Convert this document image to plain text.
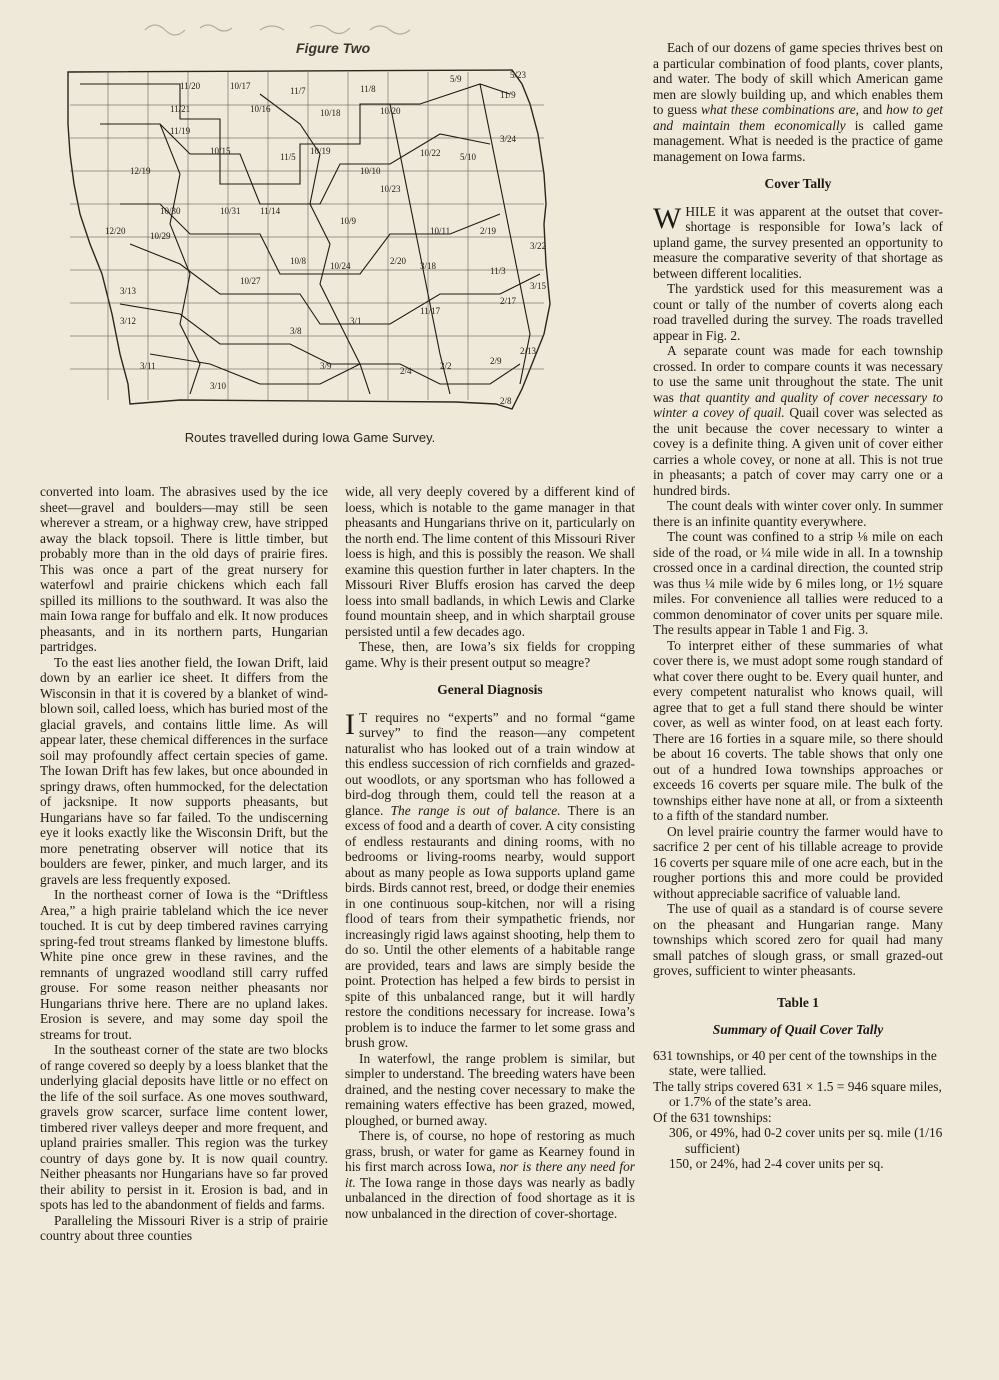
Figure Two
11/20	10/17	11/7	11/8
5/23
5/9
11/9
11/21	10/16	10/18	10/20
11/19
10/15
11/5
10/19	10/22 5/10
3/24
12/19	10/10
10/23
10/30	10/31 11/14
10/9
12/20	10/29	10/11	2/19
3/22
10/8	10/24	2/20 3/18	11/3
3/15
2/17
10/27
3/13
11/17
3/12	3/1
3/8
2/13
3/11	3/9	2/4	2/2	2/9
3/10
2/8
Routes travelled during Iowa Game Survey.

converted into loam. The abrasives used by the ice sheet—gravel and boulders—may still be seen wherever a stream, or a highway crew, have stripped away the black topsoil. There is little timber, but probably more than in the old days of prairie fires. This was once a part of the great nursery for waterfowl and prairie chickens which each fall spilled its millions to the southward. It was also the main Iowa range for buffalo and elk. It now produces pheasants, and in its northern parts, Hungarian partridges.

To the east lies another field, the Iowan Drift, laid down by an earlier ice sheet. It differs from the Wisconsin in that it is covered by a blanket of wind-blown soil, called loess, which has buried most of the glacial gravels, and contains little lime. As will appear later, these chemical differences in the surface soil may profoundly affect certain species of game. The Iowan Drift has few lakes, but once abounded in springy draws, often hummocked, for the delectation of jacksnipe. It now supports pheasants, but Hungarians have so far failed. To the undiscerning eye it looks exactly like the Wisconsin Drift, but the more penetrating observer will notice that its boulders are fewer, pinker, and much larger, and its gravels are less frequently exposed.

In the northeast corner of Iowa is the “Driftless Area,” a high prairie tableland which the ice never touched. It is cut by deep timbered ravines carrying spring-fed trout streams flanked by limestone bluffs. White pine once grew in these ravines, and the remnants of ungrazed woodland still carry ruffed grouse. For some reason neither pheasants nor Hungarians thrive here. There are no upland lakes. Erosion is severe, and may some day spoil the streams for trout.

In the southeast corner of the state are two blocks of range covered so deeply by a loess blanket that the underlying glacial deposits have little or no effect on the life of the soil surface. As one moves southward, gravels grow scarcer, surface lime content lower, timbered river valleys deeper and more frequent, and upland prairies smaller. This region was the turkey country of days gone by. It is now quail country. Neither pheasants nor Hungarians have so far proved their ability to persist in it. Erosion is bad, and in spots has led to the abandonment of fields and farms.

Paralleling the Missouri River is a strip of prairie country about three counties

wide, all very deeply covered by a different kind of loess, which is notable to the game manager in that pheasants and Hungarians thrive on it, particularly on the north end. The lime content of this Missouri River loess is high, and this is possibly the reason. We shall examine this question further in later chapters. In the Missouri River Bluffs erosion has carved the deep loess into small badlands, in which Lewis and Clarke found mountain sheep, and in which sharptail grouse persisted until a few decades ago.

These, then, are Iowa’s six fields for cropping game. Why is their present output so meagre?

General Diagnosis

I T requires no “experts” and no formal “game survey” to find the reason—any competent naturalist who has looked out of a train window at this endless succession of rich cornfields and grazed-out woodlots, or any sportsman who has followed a bird-dog through them, could tell the reason at a glance. The range is out of balance. There is an excess of food and a dearth of cover. A city consisting of endless restaurants and dining rooms, with no bedrooms or living-rooms nearby, would support about as many people as Iowa supports upland game birds. Birds cannot rest, breed, or dodge their enemies in one continuous soup-kitchen, nor will a rising flood of tears from their sympathetic friends, nor increasingly rigid laws against shooting, help them to do so. Until the other elements of a habitable range are provided, tears and laws are simply beside the point. Protection has helped a few birds to persist in spite of this unbalanced range, but it will hardly restore the conditions necessary for increase. Iowa’s problem is to induce the farmer to let some grass and brush grow.

In waterfowl, the range problem is similar, but simpler to understand. The breeding waters have been drained, and the nesting cover necessary to make the remaining waters effective has been grazed, mowed, ploughed, or burned away.

There is, of course, no hope of restoring as much grass, brush, or water for game as Kearney found in his first march across Iowa, nor is there any need for it. The Iowa range in those days was nearly as badly unbalanced in the direction of food shortage as it is now unbalanced in the direction of cover-shortage.

Each of our dozens of game species thrives best on a particular combination of food plants, cover plants, and water. The body of skill which American game men are slowly building up, and which enables them to guess what these combinations are, and how to get and maintain them economically is called game management. What is needed is the practice of game management on Iowa farms.

Cover Tally

WHILE it was apparent at the outset that cover-shortage is responsible for Iowa’s lack of upland game, the survey presented an opportunity to measure the comparative severity of that shortage as between different localities.

The yardstick used for this measurement was a count or tally of the number of coverts along each road travelled during the survey. The roads travelled appear in Fig. 2.

A separate count was made for each township crossed. In order to compare counts it was necessary to use the same unit throughout the state. The unit was that quantity and quality of cover necessary to winter a covey of quail. Quail cover was selected as the unit because the cover necessary to winter a covey is a definite thing. A given unit of cover either carries a whole covey, or none at all. This is not true in pheasants; a patch of cover may carry one or a hundred birds.

The count deals with winter cover only. In summer there is an infinite quantity everywhere.

The count was confined to a strip ⅛ mile on each side of the road, or ¼ mile wide in all. In a township crossed once in a cardinal direction, the counted strip was thus ¼ mile wide by 6 miles long, or 1½ square miles. For convenience all tallies were reduced to a common denominator of cover units per square mile. The results appear in Table 1 and Fig. 3.

To interpret either of these summaries of what cover there is, we must adopt some rough standard of what cover there ought to be. Every quail hunter, and every competent naturalist who knows quail, will agree that to get a full stand there should be winter cover, as well as winter food, on at least each forty. There are 16 forties in a square mile, so there should be about 16 coverts. The table shows that only one out of a hundred Iowa townships approaches or exceeds 16 coverts per square mile. The bulk of the townships either have none at all, or from a sixteenth to a fifth of the standard number.

On level prairie country the farmer would have to sacrifice 2 per cent of his tillable acreage to provide 16 coverts per square mile of one acre each, but in the rougher portions this and more could be provided without appreciable sacrifice of valuable land.

The use of quail as a standard is of course severe on the pheasant and Hungarian range. Many townships which scored zero for quail had many small patches of slough grass, or small grazed-out groves, sufficient to winter pheasants.

Table 1
Summary of Quail Cover Tally

631 townships, or 40 per cent of the townships in the state, were tallied.

The tally strips covered 631 × 1.5 = 946 square miles, or 1.7% of the state’s area.

Of the 631 townships:

306, or 49%, had 0-2 cover units per sq. mile (1/16 sufficient)

150, or 24%, had 2-4 cover units per sq.
